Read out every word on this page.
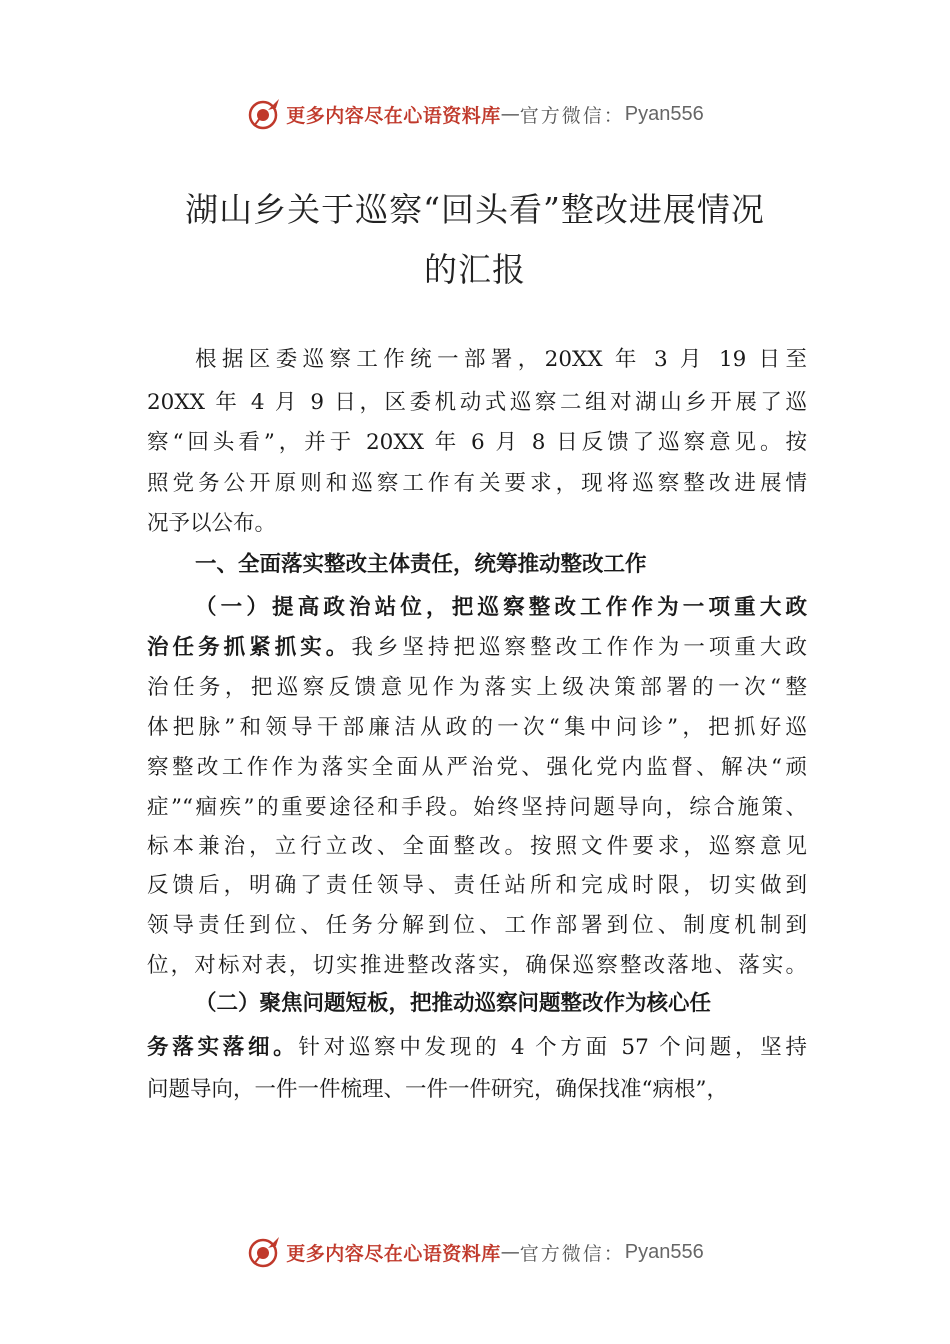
更多内容尽在心语资料库 — 官方微信： Pyan556
湖山乡关于巡察“回头看”整改进展情况
的汇报
根据区委巡察工作统一部署，20XX 年 3 月 19 日至
20XX 年 4 月 9 日，区委机动式巡察二组对湖山乡开展了巡
察“回头看”，并于 20XX 年 6 月 8 日反馈了巡察意见。按
照党务公开原则和巡察工作有关要求，现将巡察整改进展情
况予以公布。
一、全面落实整改主体责任，统筹推动整改工作
（一）提高政治站位，把巡察整改工作作为一项重大政
治任务抓紧抓实。我乡坚持把巡察整改工作作为一项重大政
治任务，把巡察反馈意见作为落实上级决策部署的一次“整
体把脉”和领导干部廉洁从政的一次“集中问诊”，把抓好巡
察整改工作作为落实全面从严治党、强化党内监督、解决“顽
症”“痼疾”的重要途径和手段。始终坚持问题导向，综合施策、
标本兼治，立行立改、全面整改。按照文件要求，巡察意见
反馈后，明确了责任领导、责任站所和完成时限，切实做到
领导责任到位、任务分解到位、工作部署到位、制度机制到
位，对标对表，切实推进整改落实，确保巡察整改落地、落实。
（二）聚焦问题短板，把推动巡察问题整改作为核心任
务落实落细。针对巡察中发现的 4 个方面 57 个问题，坚持
问题导向，一件一件梳理、一件一件研究，确保找准“病根”，
更多内容尽在心语资料库 — 官方微信： Pyan556
